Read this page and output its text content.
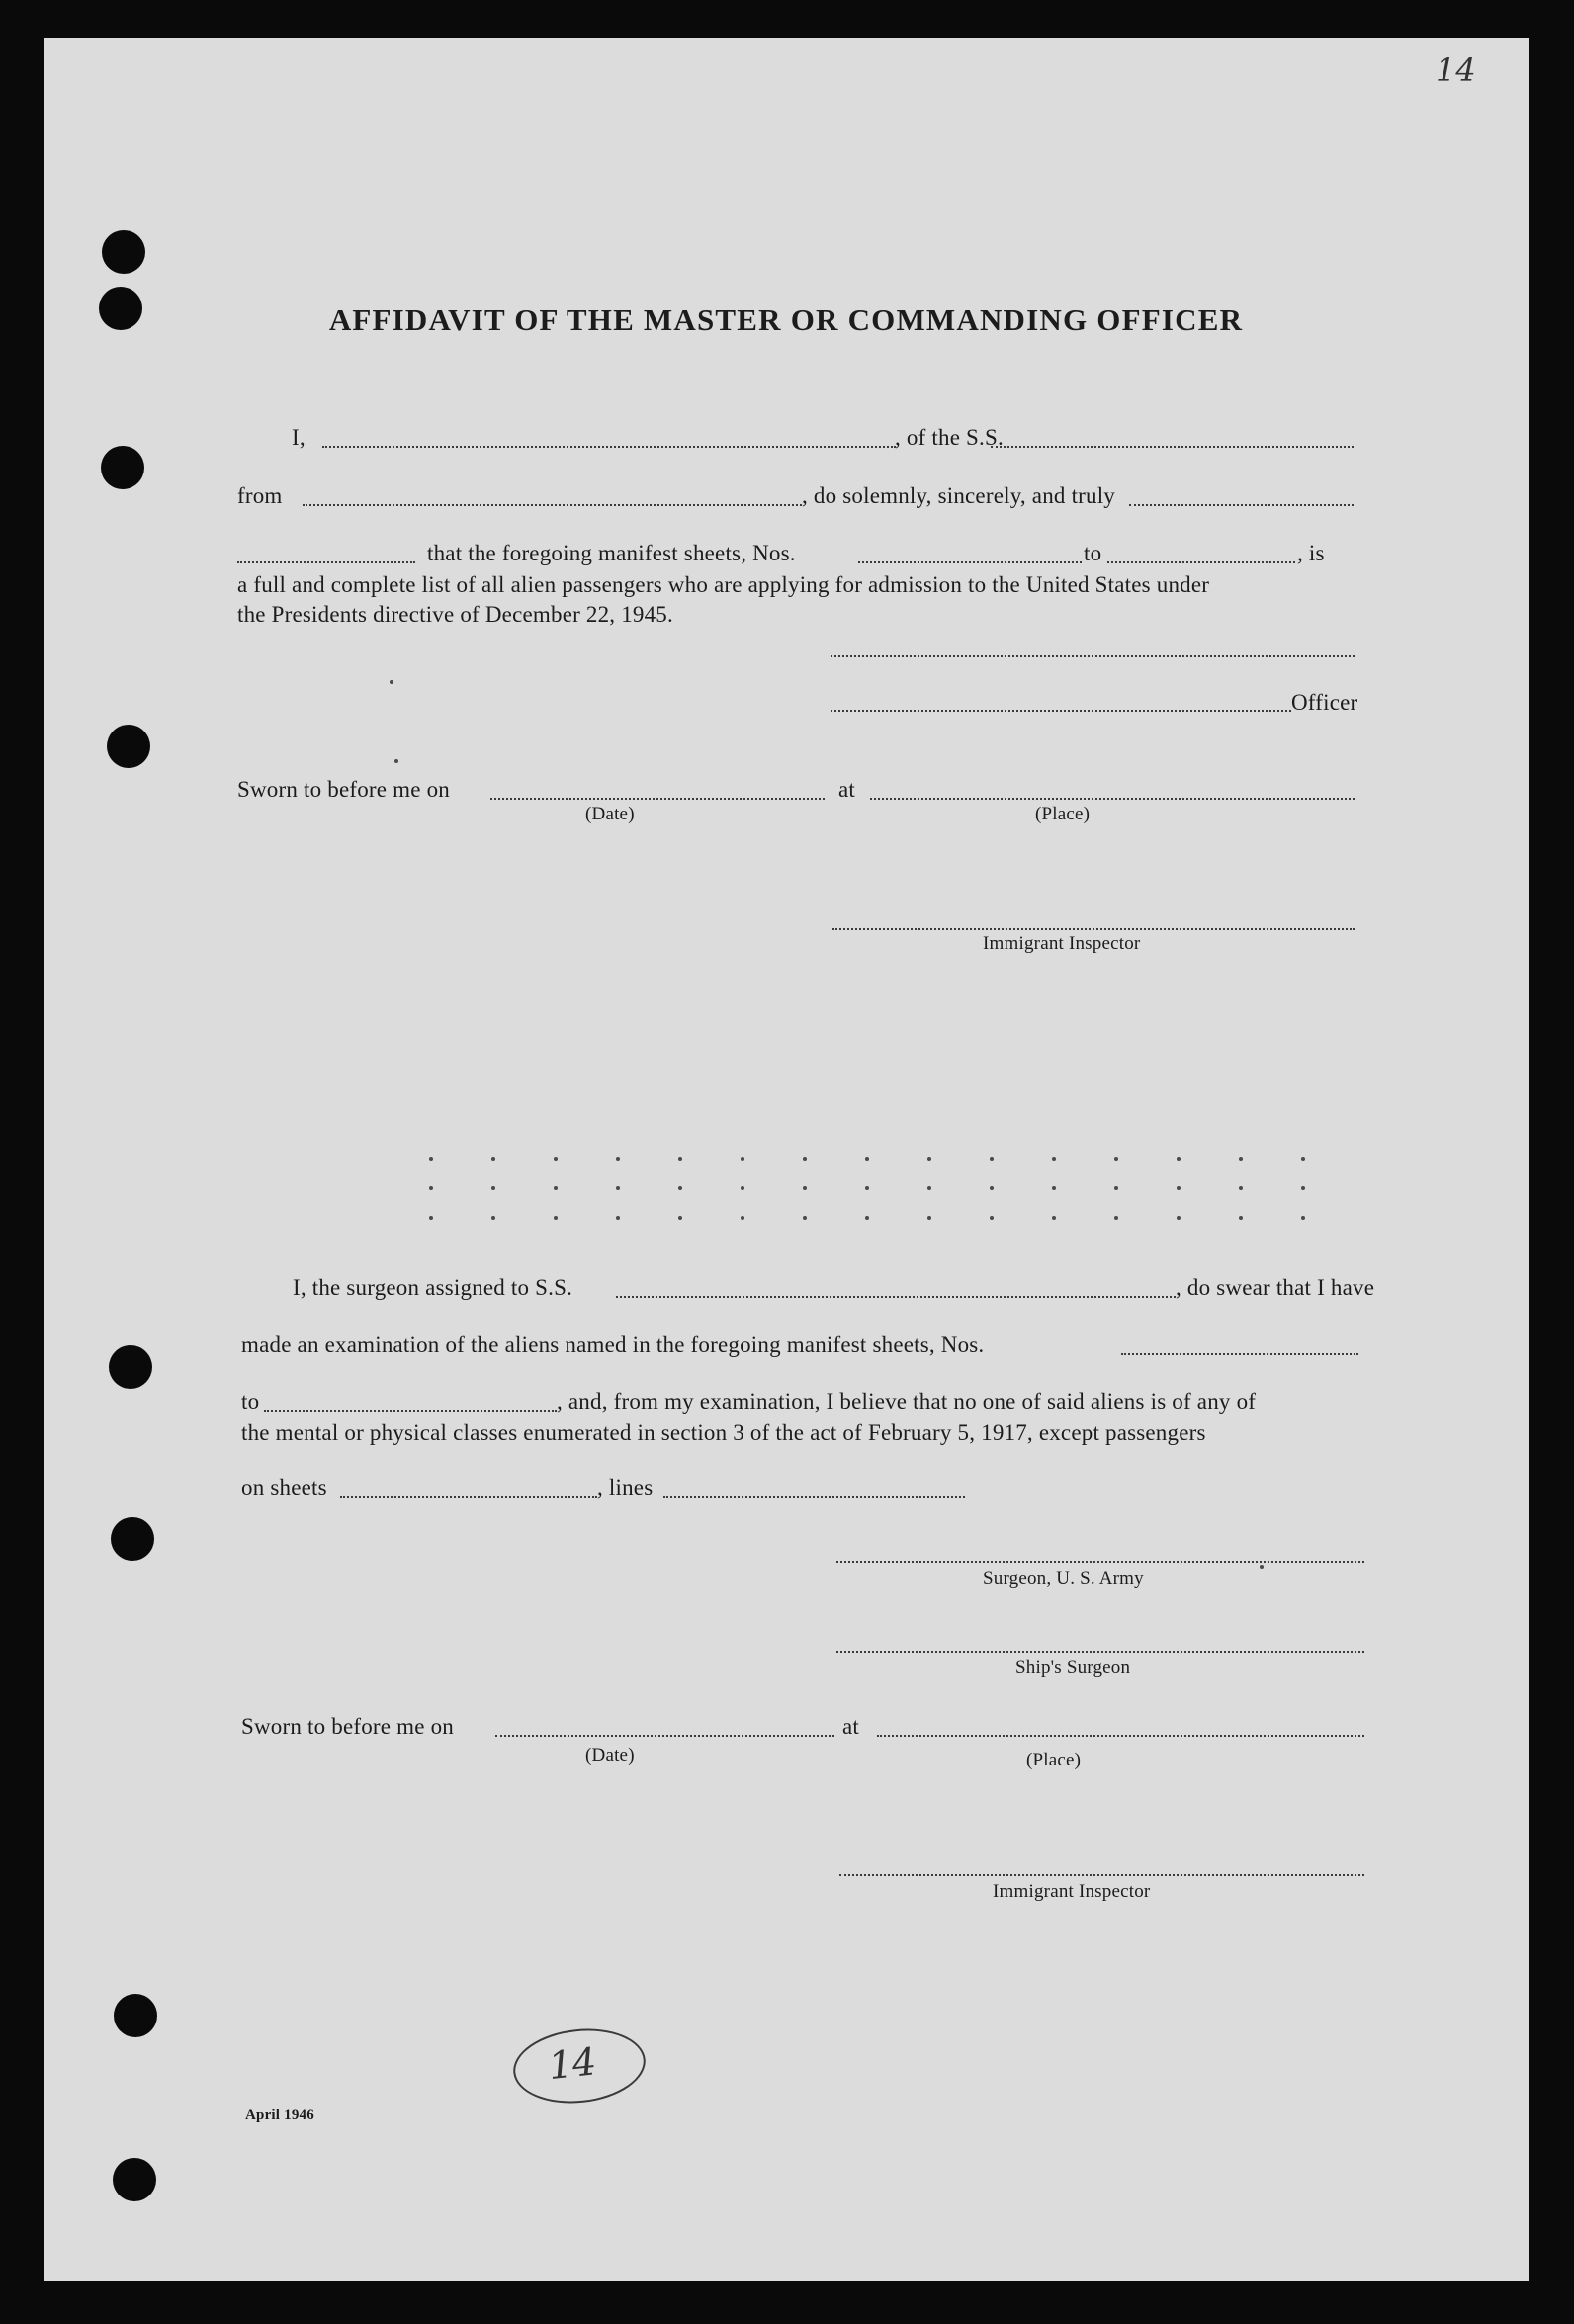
AFFIDAVIT OF THE MASTER OR COMMANDING OFFICER
I,	, of the S.S.
from	, do solemnly, sincerely, and truly
that the foregoing manifest sheets, Nos.	to	, is
a full and complete list of all alien passengers who are applying for admission to the United States under
the Presidents directive of December 22, 1945.
Officer
Sworn to before me on	at
(Date)	(Place)
Immigrant Inspector
I, the surgeon assigned to S.S.	, do swear that I have
made an examination of the aliens named in the foregoing manifest sheets, Nos.
to	, and, from my examination, I believe that no one of said aliens is of any of
the mental or physical classes enumerated in section 3 of the act of February 5, 1917, except passengers
on sheets	, lines
Surgeon, U. S. Army
Ship's Surgeon
Sworn to before me on	at
(Date)	(Place)
Immigrant Inspector
14
April 1946
14
